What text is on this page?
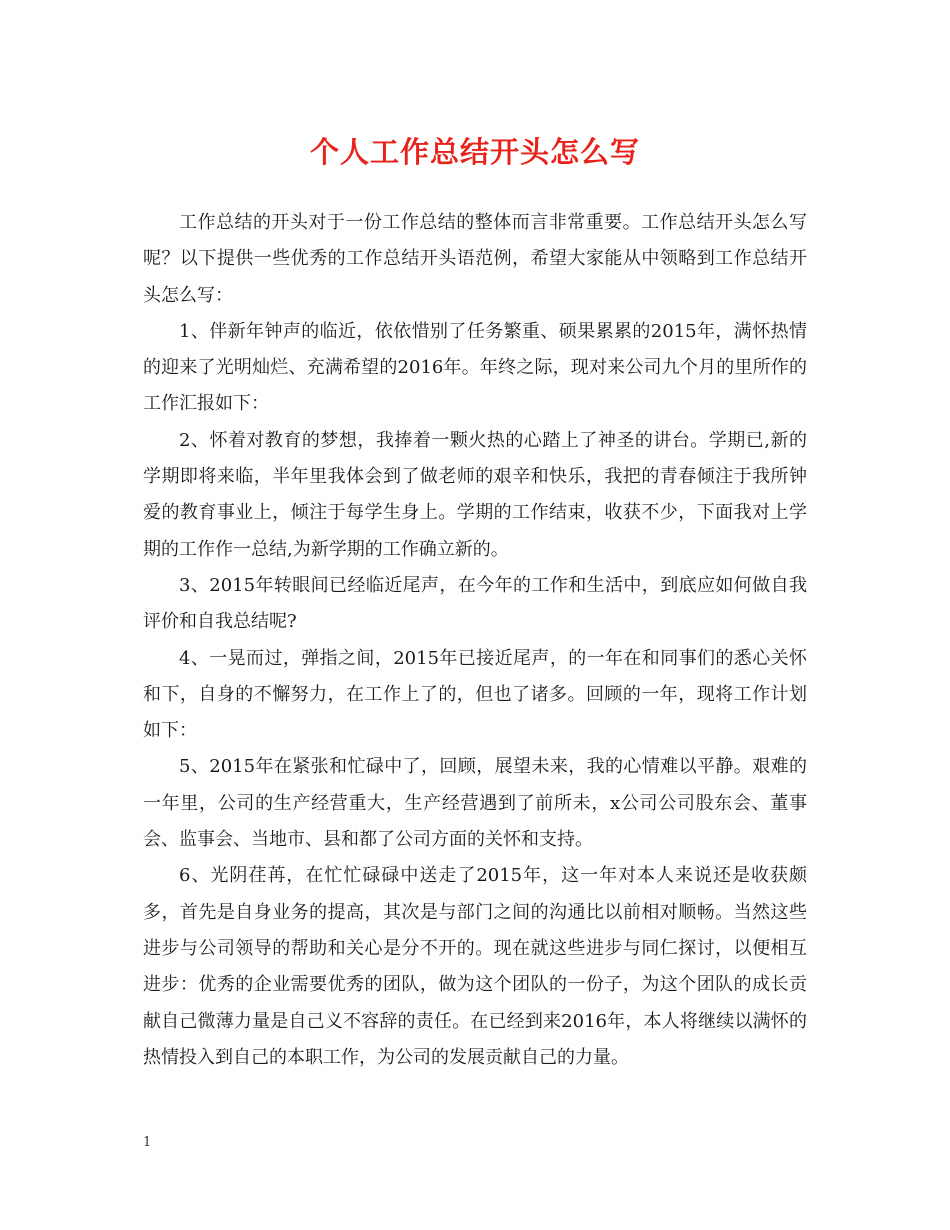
个人工作总结开头怎么写

工作总结的开头对于一份工作总结的整体而言非常重要。工作总结开头怎么写呢？以下提供一些优秀的工作总结开头语范例，希望大家能从中领略到工作总结开头怎么写：

1、伴新年钟声的临近，依依惜别了任务繁重、硕果累累的2015年，满怀热情的迎来了光明灿烂、充满希望的2016年。年终之际，现对来公司九个月的里所作的工作汇报如下：

2、怀着对教育的梦想，我捧着一颗火热的心踏上了神圣的讲台。学期已,新的学期即将来临，半年里我体会到了做老师的艰辛和快乐，我把的青春倾注于我所钟爱的教育事业上，倾注于每学生身上。学期的工作结束，收获不少，下面我对上学期的工作作一总结,为新学期的工作确立新的。

3、2015年转眼间已经临近尾声，在今年的工作和生活中，到底应如何做自我评价和自我总结呢?

4、一晃而过，弹指之间，2015年已接近尾声，的一年在和同事们的悉心关怀和下，自身的不懈努力，在工作上了的，但也了诸多。回顾的一年，现将工作计划如下：

5、2015年在紧张和忙碌中了，回顾，展望未来，我的心情难以平静。艰难的一年里，公司的生产经营重大，生产经营遇到了前所未，x公司公司股东会、董事会、监事会、当地市、县和都了公司方面的关怀和支持。

6、光阴荏苒，在忙忙碌碌中送走了2015年，这一年对本人来说还是收获颇多，首先是自身业务的提高，其次是与部门之间的沟通比以前相对顺畅。当然这些进步与公司领导的帮助和关心是分不开的。现在就这些进步与同仁探讨，以便相互进步：优秀的企业需要优秀的团队，做为这个团队的一份子，为这个团队的成长贡献自己微薄力量是自己义不容辞的责任。在已经到来2016年，本人将继续以满怀的热情投入到自己的本职工作，为公司的发展贡献自己的力量。

1
